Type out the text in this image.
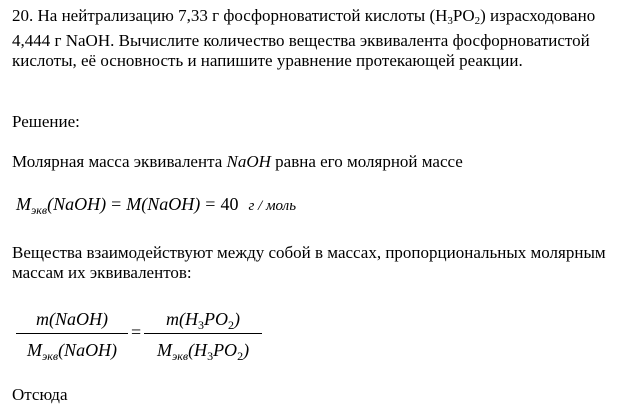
20. На нейтрализацию 7,33 г фосфорноватистой кислоты $(H_3PO_2)$ израсходовано 4,444 г NaOH. Вычислите количество вещества эквивалента фосфорноватистой кислоты, её основность и напишите уравнение протекающей реакции.

Решение:

Молярная масса эквивалента NaOH равна его молярной массе

$M_{экв}(NaOH)$ = M(NaOH) = 40 г / моль

Вещества взаимодействуют между собой в массах, пропорциональных молярным массам их эквивалентов:

m(NaOH)
$M_{экв}(NaOH)$
=
$m(H_3PO_2)$
$M_{экв}(H_3PO_2)$

Отсюда
